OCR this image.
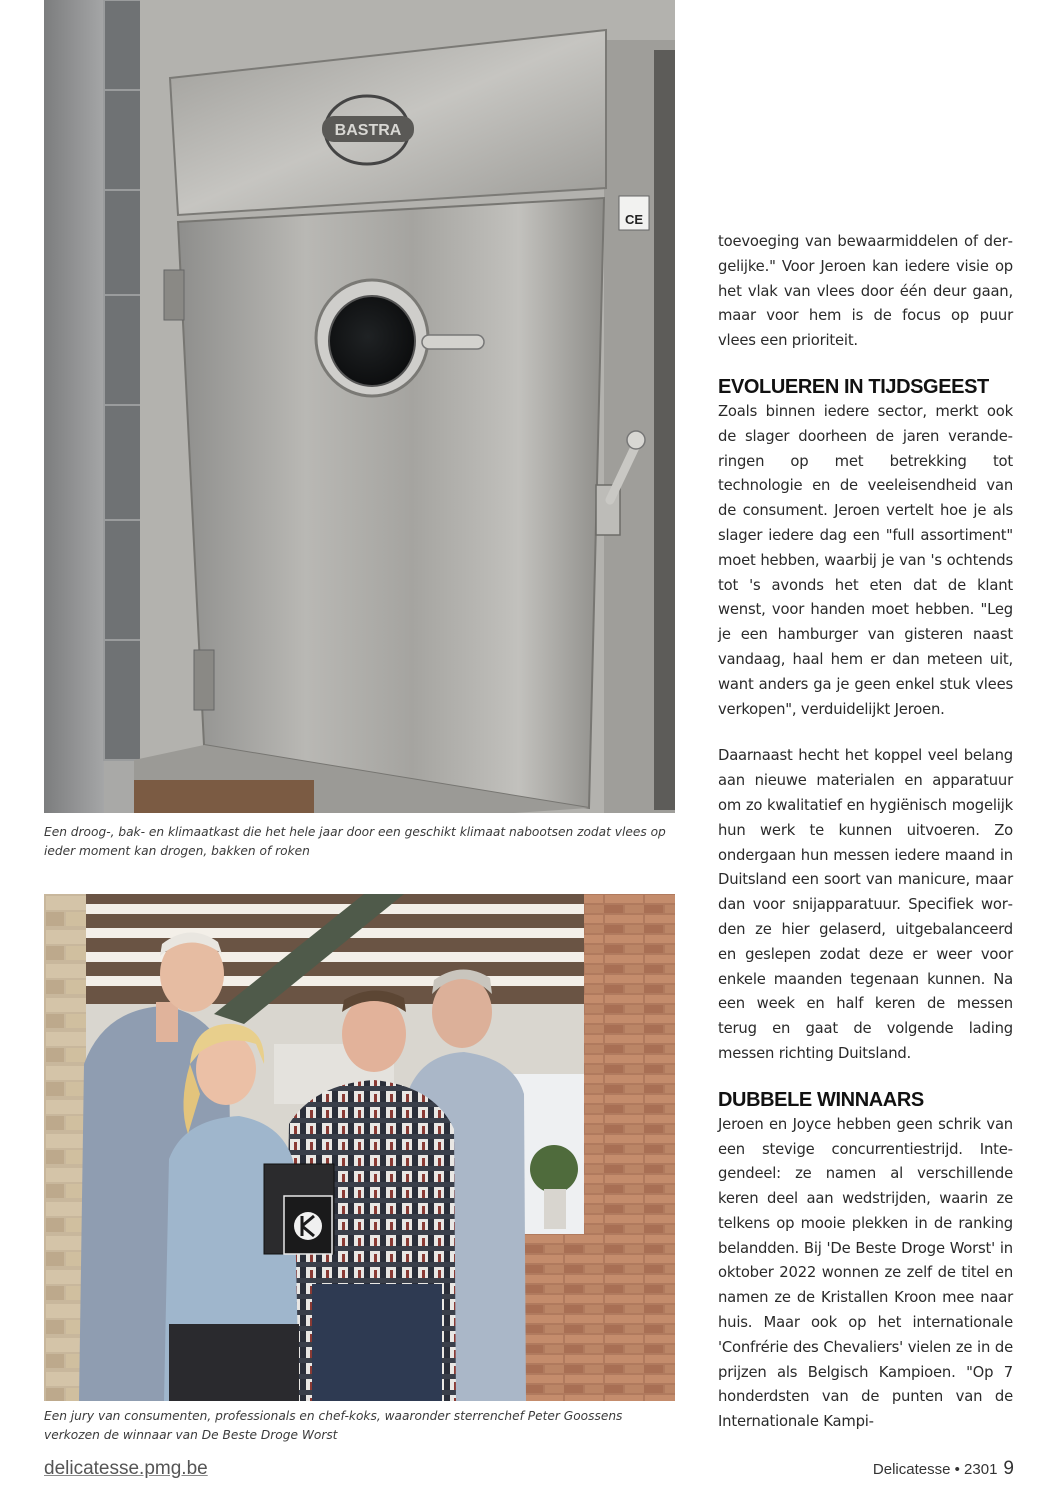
BASTRA
CE

Een droog-, bak- en klimaatkast die het hele jaar door een geschikt klimaat nabootsen zodat vlees op ieder moment kan drogen, bakken of roken

Een jury van consumenten, professionals en chef-koks, waaronder sterrenchef Peter Goossens verkozen de winnaar van De Beste Droge Worst

toevoeging van bewaarmiddelen of dergelijke." Voor Jeroen kan iedere visie op het vlak van vlees door één deur gaan, maar voor hem is de focus op puur vlees een prioriteit.

EVOLUEREN IN TIJDSGEEST

Zoals binnen iedere sector, merkt ook de slager doorheen de jaren veranderingen op met betrekking tot technologie en de veeleisendheid van de consument. Jeroen vertelt hoe je als slager iedere dag een "full assortiment" moet hebben, waarbij je van 's ochtends tot 's avonds het eten dat de klant wenst, voor handen moet hebben. "Leg je een hamburger van gisteren naast vandaag, haal hem er dan meteen uit, want anders ga je geen enkel stuk vlees verkopen", verduidelijkt Jeroen.

Daarnaast hecht het koppel veel belang aan nieuwe materialen en apparatuur om zo kwalitatief en hygiënisch mogelijk hun werk te kunnen uitvoeren. Zo ondergaan hun messen iedere maand in Duitsland een soort van manicure, maar dan voor snijapparatuur. Specifiek worden ze hier gelaserd, uitgebalanceerd en geslepen zodat deze er weer voor enkele maanden tegenaan kunnen. Na een week en half keren de messen terug en gaat de volgende lading messen richting Duitsland.

DUBBELE WINNAARS

Jeroen en Joyce hebben geen schrik van een stevige concurrentiestrijd. Integendeel: ze namen al verschillende keren deel aan wedstrijden, waarin ze telkens op mooie plekken in de ranking belandden. Bij 'De Beste Droge Worst' in oktober 2022 wonnen ze zelf de titel en namen ze de Kristallen Kroon mee naar huis. Maar ook op het internationale 'Confrérie des Chevaliers' vielen ze in de prijzen als Belgisch Kampioen. "Op 7 honderdsten van de punten van de Internationale Kampi-

delicatesse.pmg.be	Delicatesse • 2301 9
